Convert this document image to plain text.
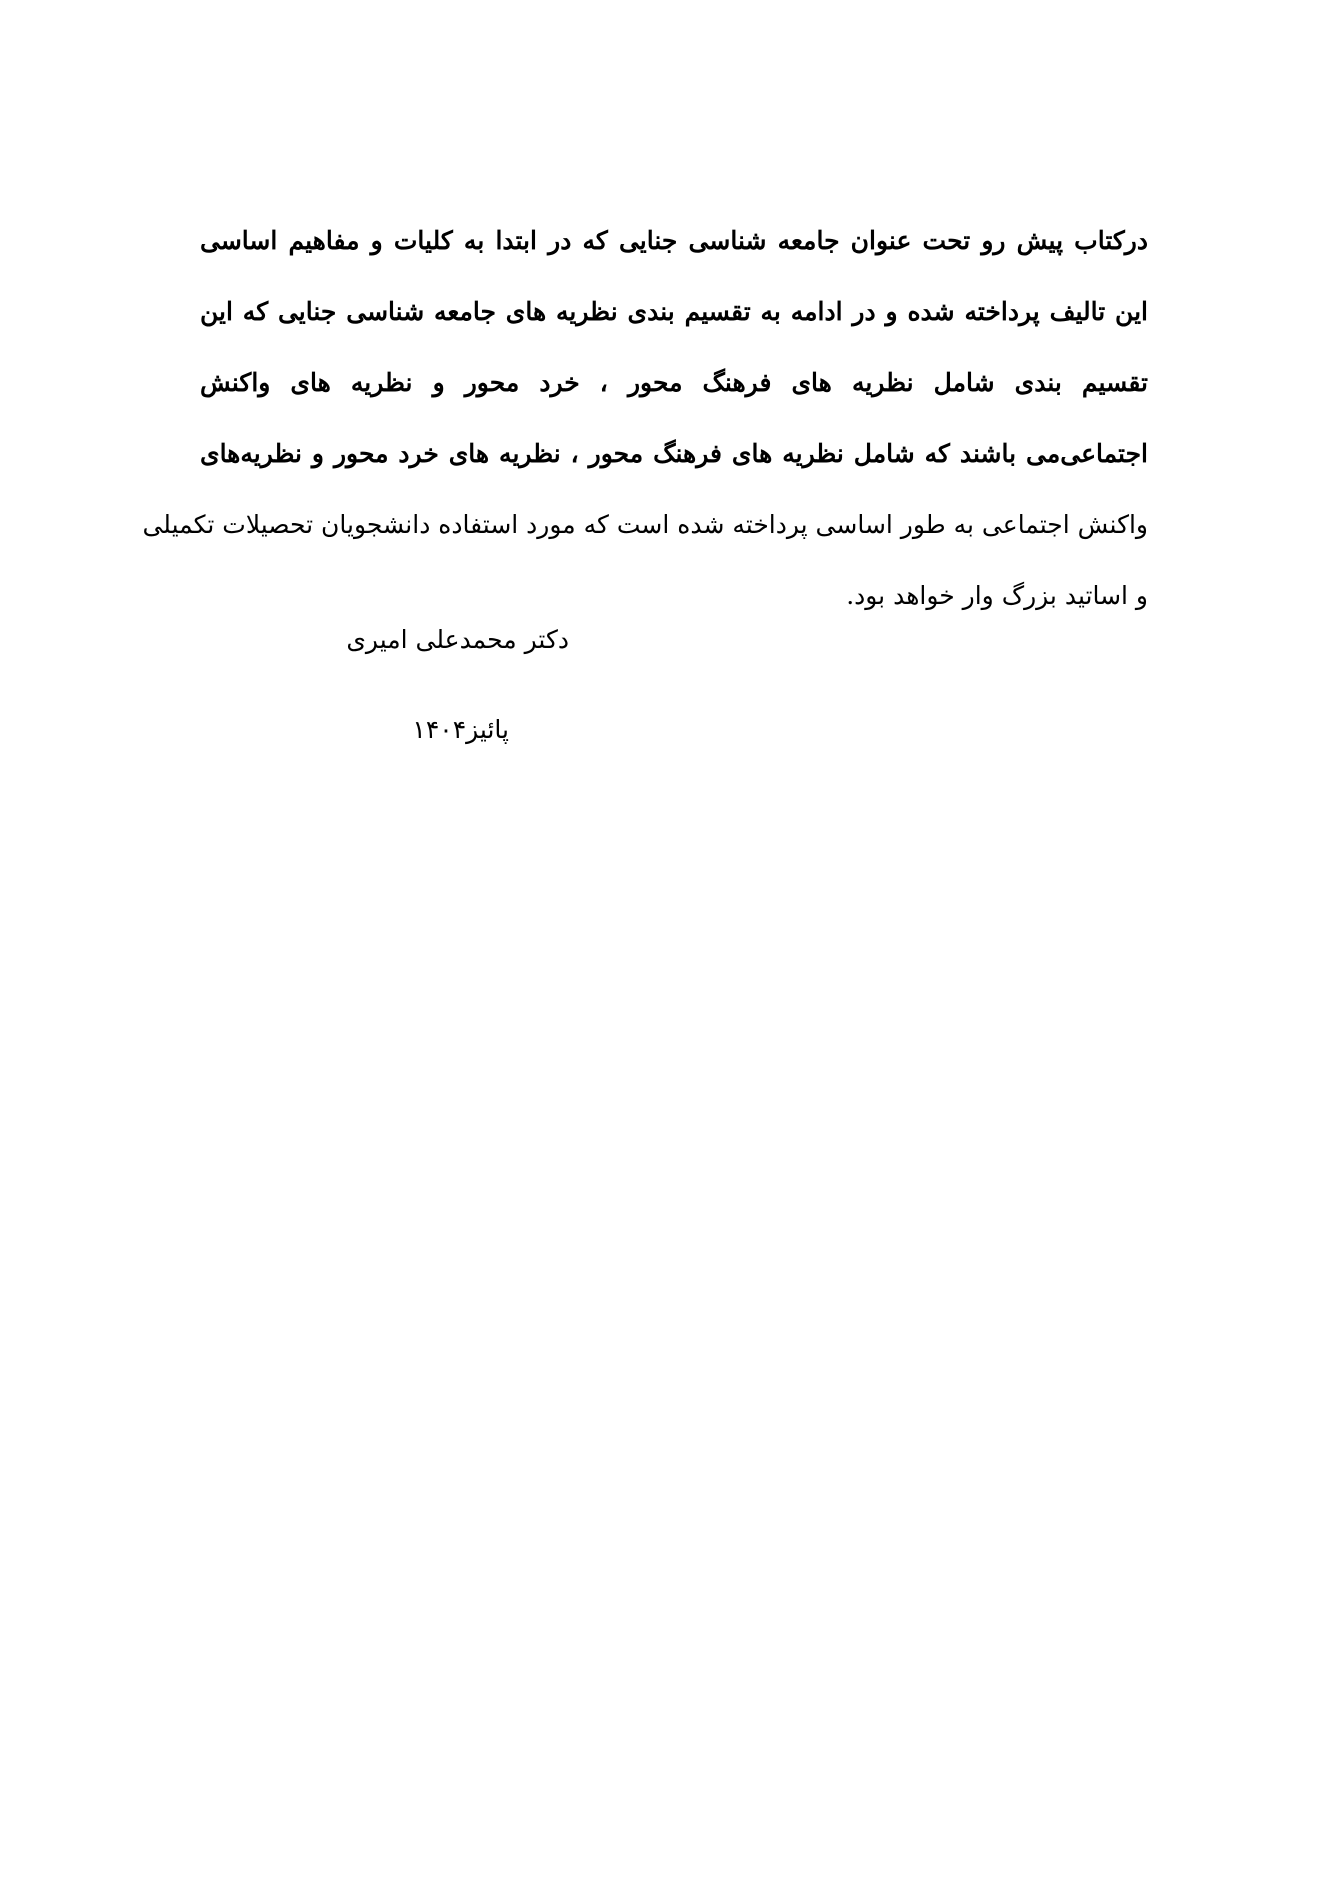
درکتاب پیش رو تحت عنوان جامعه شناسی جنایی که در ابتدا به کلیات و مفاهیم اساسی
این تالیف پرداخته شده و در ادامه به تقسیم بندی نظریه های جامعه شناسی جنایی که این
تقسیم بندی شامل نظریه های فرهنگ محور ، خرد محور و نظریه های واکنش
اجتماعی‌می باشند که شامل نظریه های فرهنگ محور ، نظریه های خرد محور و نظریه‌های
واکنش اجتماعی به طور اساسی پرداخته شده است که مورد استفاده دانشجویان تحصیلات تکمیلی
و اساتید بزرگ وار خواهد بود.
دکتر محمدعلی امیری
پائیز۱۴۰۴
